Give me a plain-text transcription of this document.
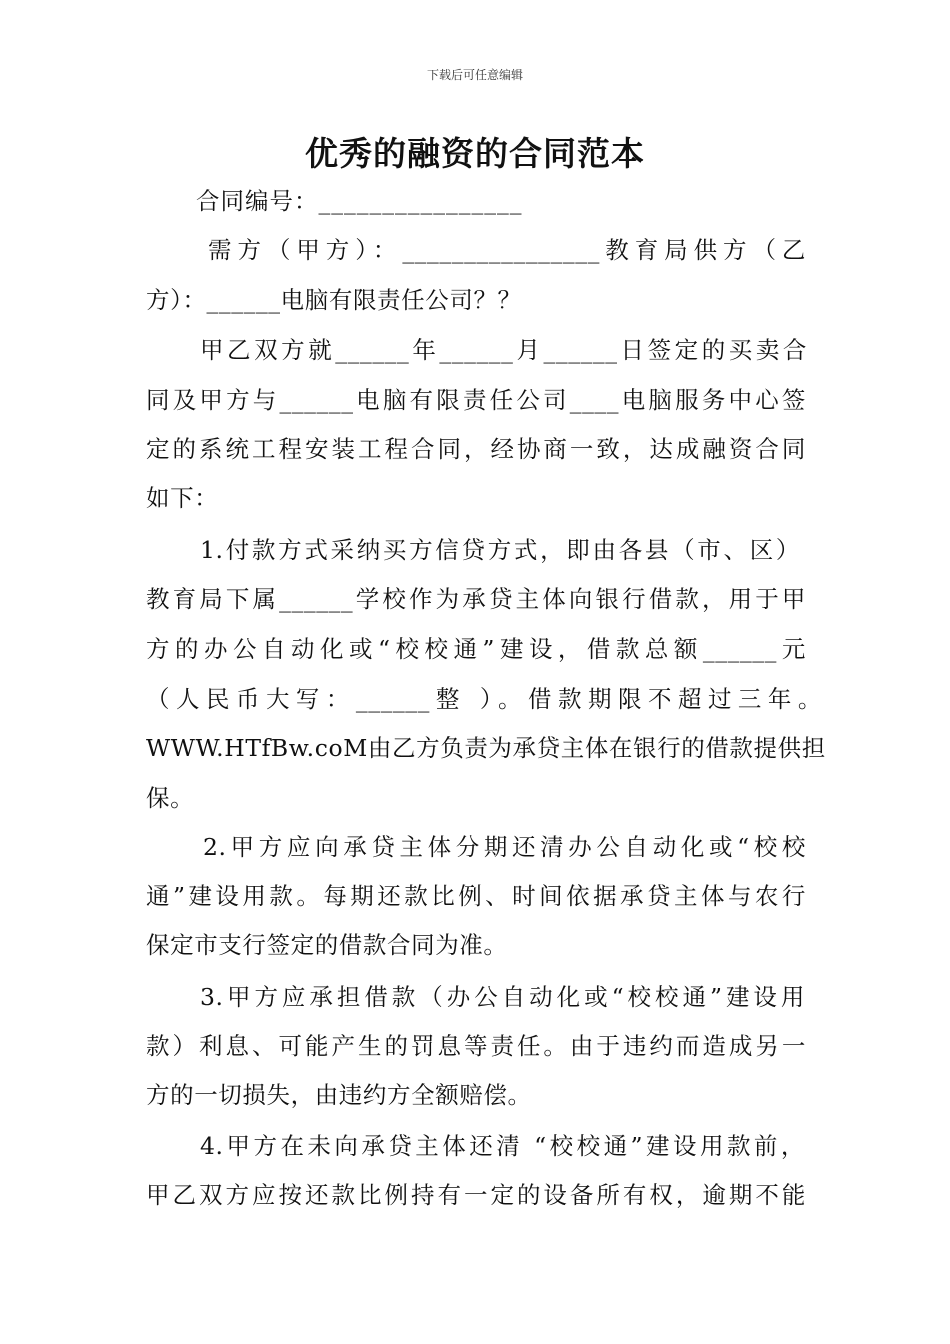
下载后可任意编辑
优秀的融资的合同范本
合同编号：________________
需方（甲方）：________________教育局供方（乙
方）：______电脑有限责任公司？？
甲乙双方就______年______月______日签定的买卖合
同及甲方与______电脑有限责任公司____电脑服务中心签
定的系统工程安装工程合同，经协商一致，达成融资合同
如下：
1.付款方式采纳买方信贷方式，即由各县（市、区）
教育局下属______学校作为承贷主体向银行借款，用于甲
方的办公自动化或“校校通”建设，借款总额______元
（人民币大写：______整 ）。借款期限不超过三年。
WWW.HTfBw.coM由乙方负责为承贷主体在银行的借款提供担
保。
2.甲方应向承贷主体分期还清办公自动化或“校校
通”建设用款。每期还款比例、时间依据承贷主体与农行
保定市支行签定的借款合同为准。
3.甲方应承担借款（办公自动化或“校校通”建设用
款）利息、可能产生的罚息等责任。由于违约而造成另一
方的一切损失，由违约方全额赔偿。
4.甲方在未向承贷主体还清 “校校通”建设用款前，
甲乙双方应按还款比例持有一定的设备所有权，逾期不能
